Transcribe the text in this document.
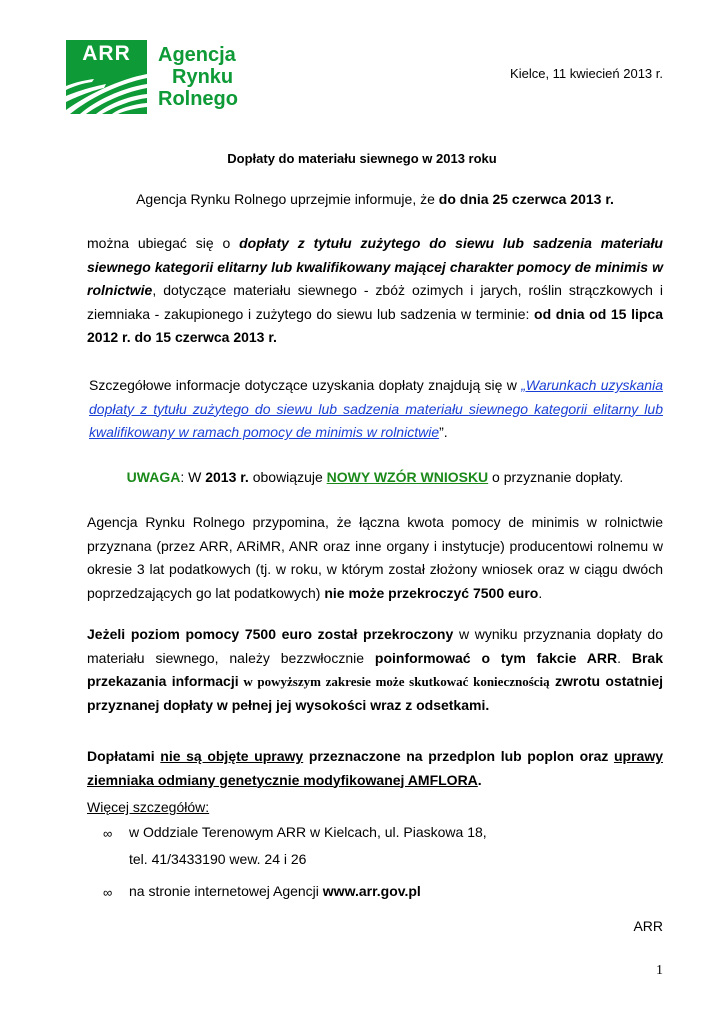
ARR	Agencja
Rynku
Rolnego
Kielce, 11 kwiecień 2013 r.
Dopłaty do materiału siewnego w 2013 roku
Agencja Rynku Rolnego uprzejmie informuje, że do dnia 25 czerwca 2013 r.
można ubiegać się o dopłaty z tytułu zużytego do siewu lub sadzenia materiału siewnego kategorii elitarny lub kwalifikowany mającej charakter pomocy de minimis w rolnictwie, dotyczące materiału siewnego - zbóż ozimych i jarych, roślin strączkowych i ziemniaka - zakupionego i zużytego do siewu lub sadzenia w terminie: od dnia od 15 lipca 2012 r. do 15 czerwca 2013 r.
Szczegółowe informacje dotyczące uzyskania dopłaty znajdują się w „Warunkach uzyskania dopłaty z tytułu zużytego do siewu lub sadzenia materiału siewnego kategorii elitarny lub kwalifikowany w ramach pomocy de minimis w rolnictwie”.
UWAGA: W 2013 r. obowiązuje NOWY WZÓR WNIOSKU o przyznanie dopłaty.
Agencja Rynku Rolnego przypomina, że łączna kwota pomocy de minimis w rolnictwie przyznana (przez ARR, ARiMR, ANR oraz inne organy i instytucje) producentowi rolnemu w okresie 3 lat podatkowych (tj. w roku, w którym został złożony wniosek oraz w ciągu dwóch poprzedzających go lat podatkowych) nie może przekroczyć 7500 euro.
Jeżeli poziom pomocy 7500 euro został przekroczony w wyniku przyznania dopłaty do materiału siewnego, należy bezzwłocznie poinformować o tym fakcie ARR. Brak przekazania informacji w powyższym zakresie może skutkować koniecznością zwrotu ostatniej przyznanej dopłaty w pełnej jej wysokości wraz z odsetkami.
Dopłatami nie są objęte uprawy przeznaczone na przedplon lub poplon oraz uprawy ziemniaka odmiany genetycznie modyfikowanej AMFLORA.
Więcej szczegółów:
∞ w Oddziale Terenowym ARR w Kielcach, ul. Piaskowa 18,
tel. 41/3433190 wew. 24 i 26
∞ na stronie internetowej Agencji www.arr.gov.pl
ARR
1
